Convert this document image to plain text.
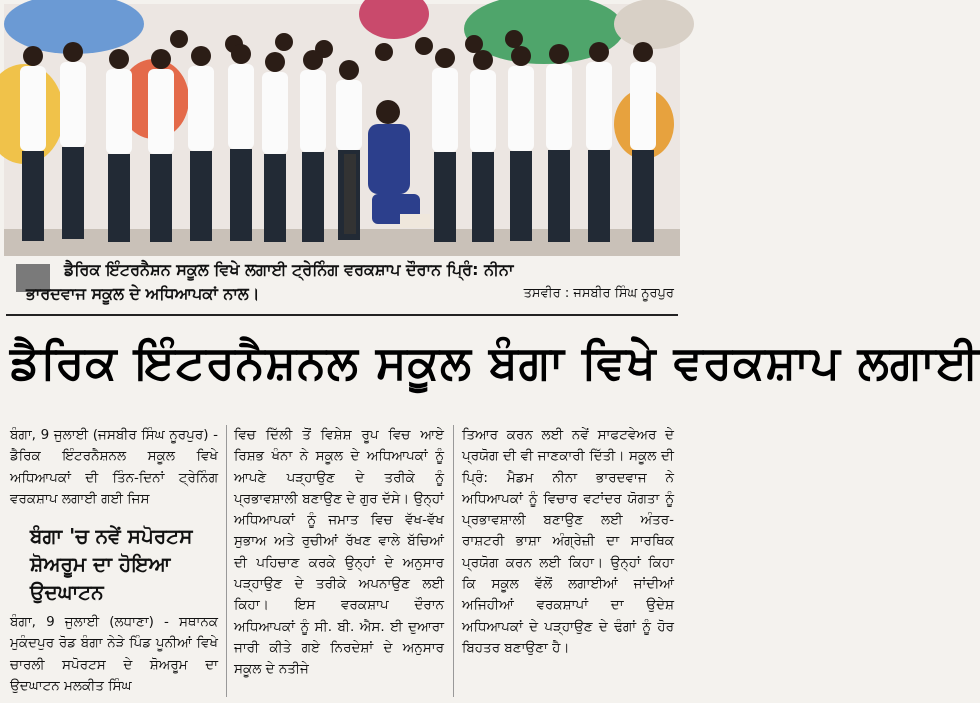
ਡੈਰਿਕ ਇੰਟਰਨੈਸ਼ਨ ਸਕੂਲ ਵਿਖੇ ਲਗਾਈ ਟ੍ਰੇਨਿੰਗ ਵਰਕਸ਼ਾਪ ਦੌਰਾਨ ਪ੍ਰਿੰ: ਨੀਨਾ
ਭਾਰਦਵਾਜ ਸਕੂਲ ਦੇ ਅਧਿਆਪਕਾਂ ਨਾਲ।	ਤਸਵੀਰ : ਜਸਬੀਰ ਸਿੰਘ ਨੂਰਪੁਰ
ਡੈਰਿਕ ਇੰਟਰਨੈਸ਼ਨਲ ਸਕੂਲ ਬੰਗਾ ਵਿਖੇ ਵਰਕਸ਼ਾਪ ਲਗਾਈ

ਬੰਗਾ, 9 ਜੁਲਾਈ (ਜਸਬੀਰ ਸਿੰਘ ਨੂਰਪੁਰ) - ਡੈਰਿਕ ਇੰਟਰਨੈਸ਼ਨਲ ਸਕੂਲ ਵਿਖੇ ਅਧਿਆਪਕਾਂ ਦੀ ਤਿੰਨ-ਦਿਨਾਂ ਟ੍ਰੇਨਿੰਗ ਵਰਕਸ਼ਾਪ ਲਗਾਈ ਗਈ ਜਿਸ

ਬੰਗਾ 'ਚ ਨਵੇਂ ਸਪੋਰਟਸ ਸ਼ੋਅਰੂਮ ਦਾ ਹੋਇਆ ਉਦਘਾਟਨ

ਬੰਗਾ, 9 ਜੁਲਾਈ (ਲਧਾਣਾ) - ਸਥਾਨਕ ਮੁਕੰਦਪੁਰ ਰੋਡ ਬੰਗਾ ਨੇੜੇ ਪਿੰਡ ਪੂਨੀਆਂ ਵਿਖੇ ਚਾਰਲੀ ਸਪੋਰਟਸ ਦੇ ਸ਼ੋਅਰੂਮ ਦਾ ਉਦਘਾਟਨ ਮਲਕੀਤ ਸਿੰਘ

ਵਿਚ ਦਿੱਲੀ ਤੋਂ ਵਿਸ਼ੇਸ਼ ਰੂਪ ਵਿਚ ਆਏ ਰਿਸ਼ਭ ਖੰਨਾ ਨੇ ਸਕੂਲ ਦੇ ਅਧਿਆਪਕਾਂ ਨੂੰ ਆਪਣੇ ਪੜ੍ਹਾਉਣ ਦੇ ਤਰੀਕੇ ਨੂੰ ਪ੍ਰਭਾਵਸ਼ਾਲੀ ਬਣਾਉਣ ਦੇ ਗੁਰ ਦੱਸੇ। ਉਨ੍ਹਾਂ ਅਧਿਆਪਕਾਂ ਨੂੰ ਜਮਾਤ ਵਿਚ ਵੱਖ-ਵੱਖ ਸੁਭਾਅ ਅਤੇ ਰੁਚੀਆਂ ਰੱਖਣ ਵਾਲੇ ਬੱਚਿਆਂ ਦੀ ਪਹਿਚਾਣ ਕਰਕੇ ਉਨ੍ਹਾਂ ਦੇ ਅਨੁਸਾਰ ਪੜ੍ਹਾਉਣ ਦੇ ਤਰੀਕੇ ਅਪਨਾਉਣ ਲਈ ਕਿਹਾ। ਇਸ ਵਰਕਸ਼ਾਪ ਦੌਰਾਨ ਅਧਿਆਪਕਾਂ ਨੂੰ ਸੀ. ਬੀ. ਐਸ. ਈ ਦੁਆਰਾ ਜਾਰੀ ਕੀਤੇ ਗਏ ਨਿਰਦੇਸ਼ਾਂ ਦੇ ਅਨੁਸਾਰ ਸਕੂਲ ਦੇ ਨਤੀਜੇ

ਤਿਆਰ ਕਰਨ ਲਈ ਨਵੇਂ ਸਾਫਟਵੇਅਰ ਦੇ ਪ੍ਰਯੋਗ ਦੀ ਵੀ ਜਾਣਕਾਰੀ ਦਿੱਤੀ। ਸਕੂਲ ਦੀ ਪ੍ਰਿੰ: ਮੈਡਮ ਨੀਨਾ ਭਾਰਦਵਾਜ ਨੇ ਅਧਿਆਪਕਾਂ ਨੂੰ ਵਿਚਾਰ ਵਟਾਂਦਰ ਯੋਗਤਾ ਨੂੰ ਪ੍ਰਭਾਵਸ਼ਾਲੀ ਬਣਾਉਣ ਲਈ ਅੰਤਰ-ਰਾਸ਼ਟਰੀ ਭਾਸ਼ਾ ਅੰਗ੍ਰੇਜ਼ੀ ਦਾ ਸਾਰਥਿਕ ਪ੍ਰਯੋਗ ਕਰਨ ਲਈ ਕਿਹਾ। ਉਨ੍ਹਾਂ ਕਿਹਾ ਕਿ ਸਕੂਲ ਵੱਲੋਂ ਲਗਾਈਆਂ ਜਾਂਦੀਆਂ ਅਜਿਹੀਆਂ ਵਰਕਸ਼ਾਪਾਂ ਦਾ ਉਦੇਸ਼ ਅਧਿਆਪਕਾਂ ਦੇ ਪੜ੍ਹਾਉਣ ਦੇ ਢੰਗਾਂ ਨੂੰ ਹੋਰ ਬਿਹਤਰ ਬਣਾਉਣਾ ਹੈ।
